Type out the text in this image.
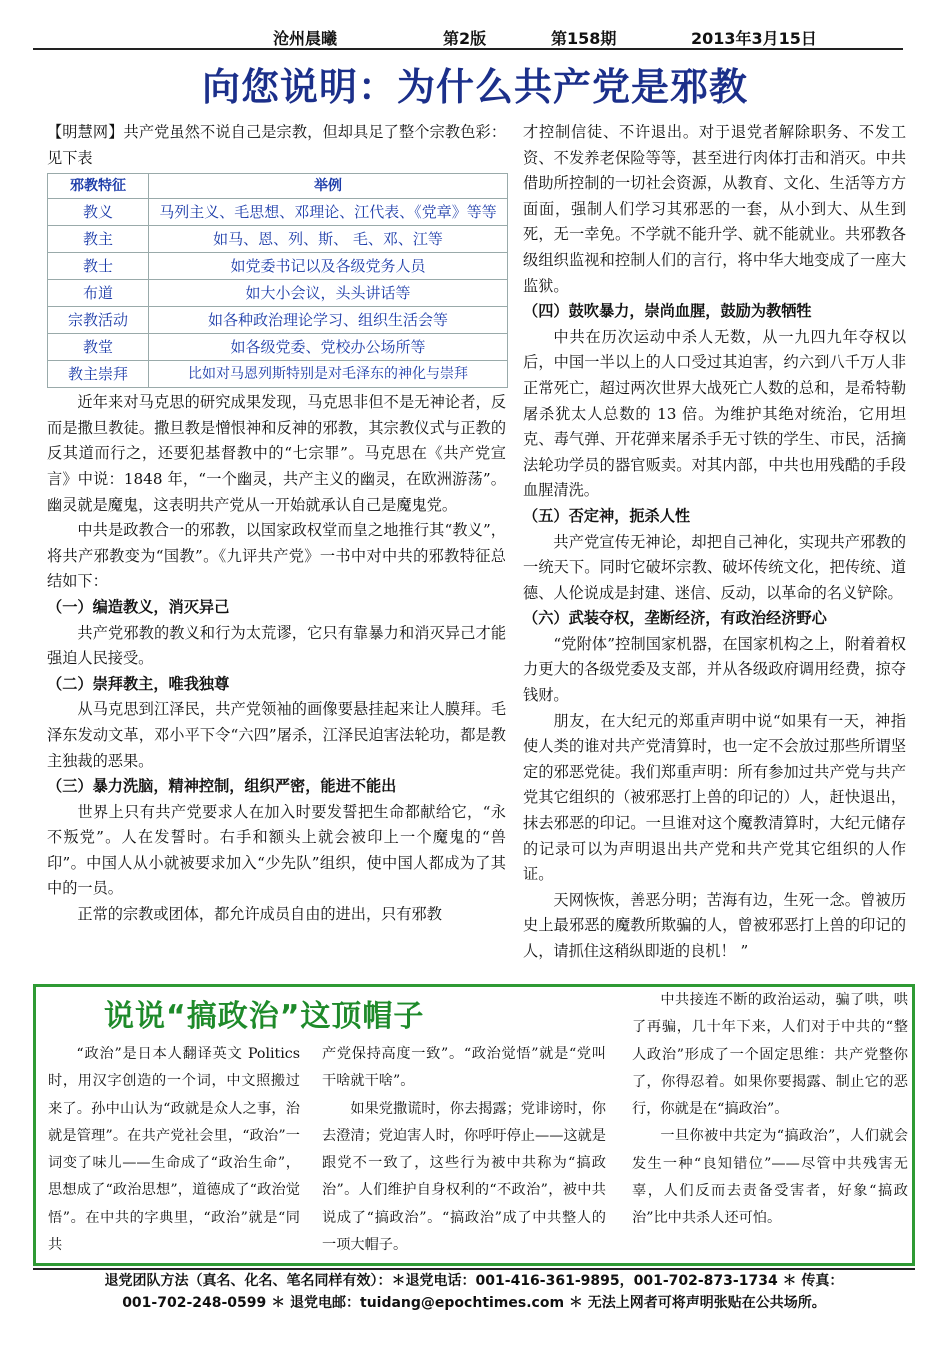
沧州晨曦	第2版	第158期	2013年3月15日
向您说明：为什么共产党是邪教

【明慧网】共产党虽然不说自己是宗教，但却具足了整个宗教色彩：见下表

邪教特征	举例
教义	马列主义、毛思想、邓理论、江代表、《党章》等等
教主	如马、恩、列、斯、 毛、邓、江等
教士	如党委书记以及各级党务人员
布道	如大小会议，头头讲话等
宗教活动	如各种政治理论学习、组织生活会等
教堂	如各级党委、党校办公场所等
教主崇拜	比如对马恩列斯特别是对毛泽东的神化与崇拜

近年来对马克思的研究成果发现，马克思非但不是无神论者，反而是撒旦教徒。撒旦教是憎恨神和反神的邪教，其宗教仪式与正教的反其道而行之，还要犯基督教中的“七宗罪”。马克思在《共产党宣言》中说：1848 年，“一个幽灵，共产主义的幽灵，在欧洲游荡”。幽灵就是魔鬼，这表明共产党从一开始就承认自己是魔鬼党。

中共是政教合一的邪教，以国家政权堂而皇之地推行其“教义”，将共产邪教变为“国教”。《九评共产党》一书中对中共的邪教特征总结如下：

（一）编造教义，消灭异己

共产党邪教的教义和行为太荒谬，它只有靠暴力和消灭异己才能强迫人民接受。

（二）崇拜教主，唯我独尊

从马克思到江泽民，共产党领袖的画像要悬挂起来让人膜拜。毛泽东发动文革，邓小平下令“六四”屠杀，江泽民迫害法轮功，都是教主独裁的恶果。

（三）暴力洗脑，精神控制，组织严密，能进不能出

世界上只有共产党要求人在加入时要发誓把生命都献给它，“永不叛党”。人在发誓时。右手和额头上就会被印上一个魔鬼的“兽印”。中国人从小就被要求加入“少先队”组织，使中国人都成为了其中的一员。

正常的宗教或团体，都允许成员自由的进出，只有邪教

才控制信徒、不许退出。对于退党者解除职务、不发工资、不发养老保险等等，甚至进行肉体打击和消灭。中共借助所控制的一切社会资源，从教育、文化、生活等方方面面，强制人们学习其邪恶的一套，从小到大、从生到死，无一幸免。不学就不能升学、就不能就业。共邪教各级组织监视和控制人们的言行，将中华大地变成了一座大监狱。

（四）鼓吹暴力，崇尚血腥，鼓励为教牺牲

中共在历次运动中杀人无数，从一九四九年夺权以后，中国一半以上的人口受过其迫害，约六到八千万人非正常死亡，超过两次世界大战死亡人数的总和，是希特勒屠杀犹太人总数的 13 倍。为维护其绝对统治，它用坦克、毒气弹、开花弹来屠杀手无寸铁的学生、市民，活摘法轮功学员的器官贩卖。对其内部，中共也用残酷的手段血腥清洗。

（五）否定神，扼杀人性

共产党宣传无神论，却把自己神化，实现共产邪教的一统天下。同时它破坏宗教、破坏传统文化，把传统、道德、人伦说成是封建、迷信、反动，以革命的名义铲除。

（六）武装夺权，垄断经济，有政治经济野心

“党附体”控制国家机器，在国家机构之上，附着着权力更大的各级党委及支部，并从各级政府调用经费，掠夺钱财。

朋友，在大纪元的郑重声明中说“如果有一天，神指使人类的谁对共产党清算时，也一定不会放过那些所谓坚定的邪恶党徒。我们郑重声明：所有参加过共产党与共产党其它组织的（被邪恶打上兽的印记的）人，赶快退出，抹去邪恶的印记。一旦谁对这个魔教清算时，大纪元储存的记录可以为声明退出共产党和共产党其它组织的人作证。

天网恢恢，善恶分明；苦海有边，生死一念。曾被历史上最邪恶的魔教所欺骗的人，曾被邪恶打上兽的印记的人，请抓住这稍纵即逝的良机！ ”

说说“搞政治”这顶帽子

“政治”是日本人翻译英文 Politics 时，用汉字创造的一个词，中文照搬过来了。孙中山认为“政就是众人之事，治就是管理”。在共产党社会里，“政治”一词变了味儿——生命成了“政治生命”，思想成了“政治思想”，道德成了“政治觉悟”。在中共的字典里，“政治”就是“同共

产党保持高度一致”。“政治觉悟”就是“党叫干啥就干啥”。

如果党撒谎时，你去揭露；党诽谤时，你去澄清；党迫害人时，你呼吁停止——这就是跟党不一致了，这些行为被中共称为“搞政治”。人们维护自身权利的“不政治”，被中共说成了“搞政治”。“搞政治”成了中共整人的一项大帽子。

中共接连不断的政治运动，骗了哄，哄了再骗，几十年下来，人们对于中共的“整人政治”形成了一个固定思维：共产党整你了，你得忍着。如果你要揭露、制止它的恶行，你就是在“搞政治”。

一旦你被中共定为“搞政治”，人们就会发生一种“良知错位”——尽管中共残害无辜，人们反而去责备受害者，好象“搞政治”比中共杀人还可怕。

退党团队方法（真名、化名、笔名同样有效）：＊退党电话：001-416-361-9895，001-702-873-1734 ＊ 传真：
001-702-248-0599 ＊ 退党电邮：tuidang@epochtimes.com ＊ 无法上网者可将声明张贴在公共场所。
